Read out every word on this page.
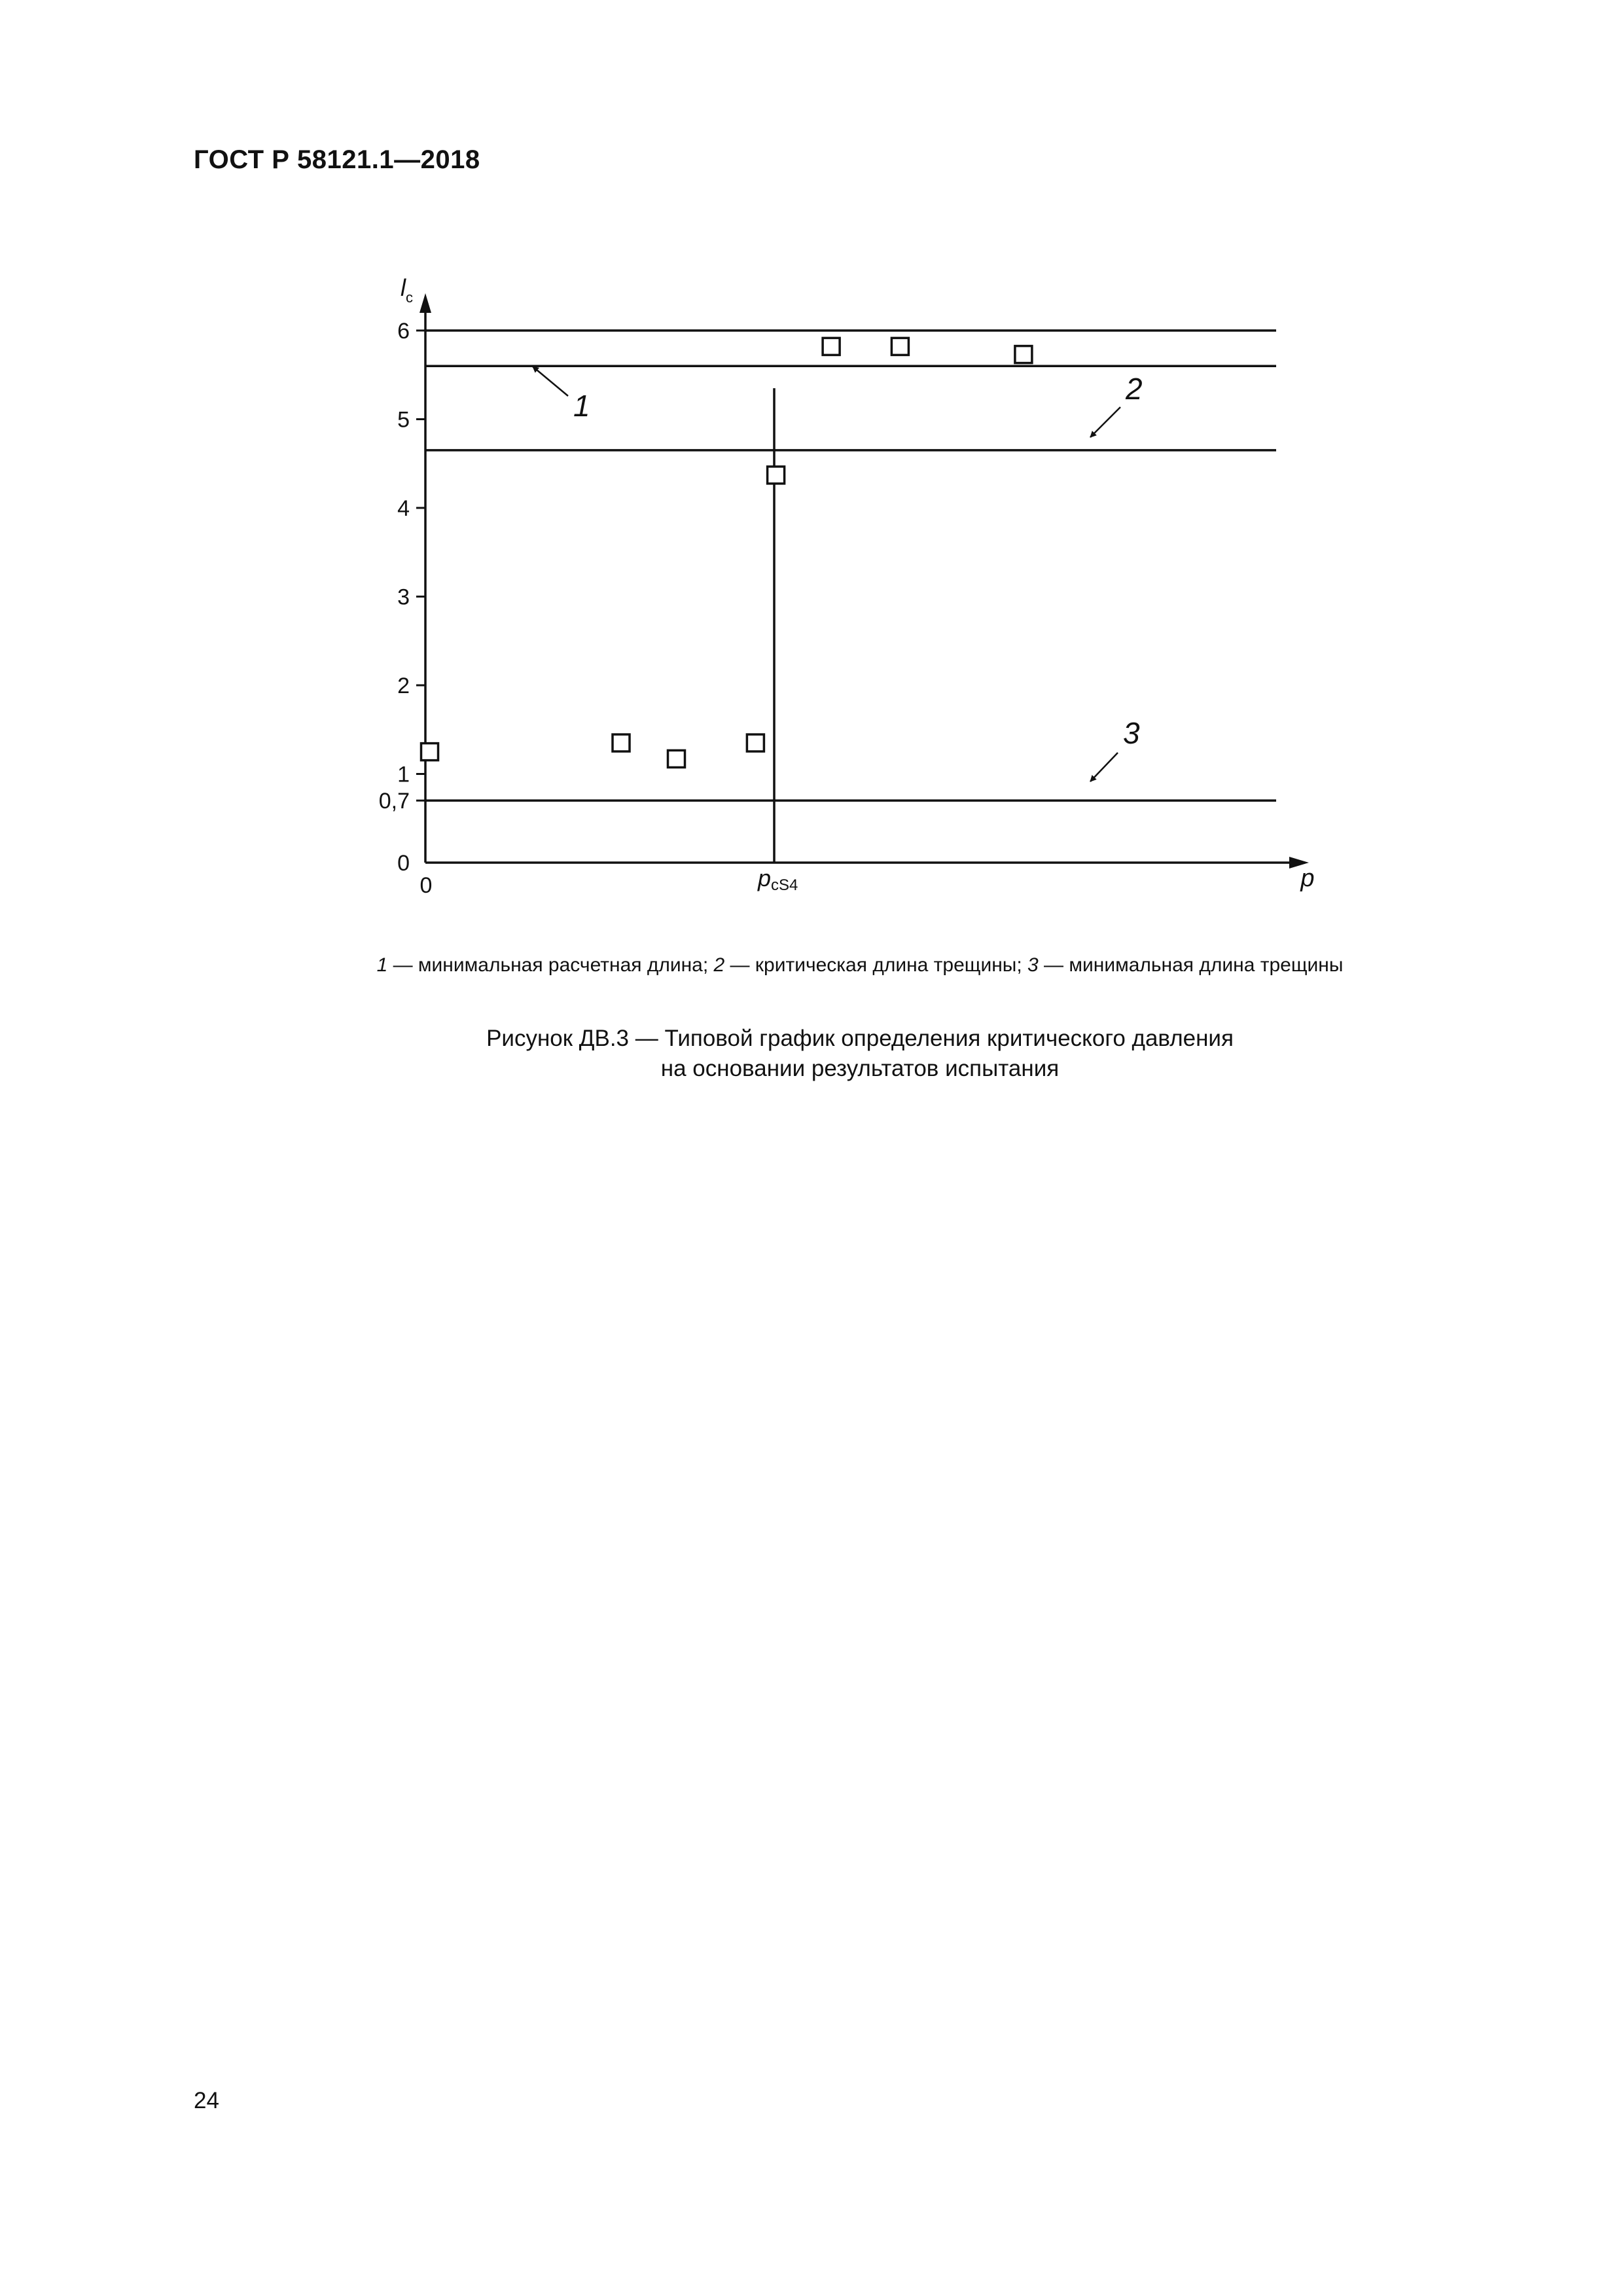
ГОСТ Р 58121.1—2018
$l_c$
0	p
pcS4
6
5
4
3
2
1
0,7
0
1	2
3
1 — минимальная расчетная длина; 2 — критическая длина трещины; 3 — минимальная длина трещины
Рисунок ДВ.3 — Типовой график определения критического давления
на основании результатов испытания
24
